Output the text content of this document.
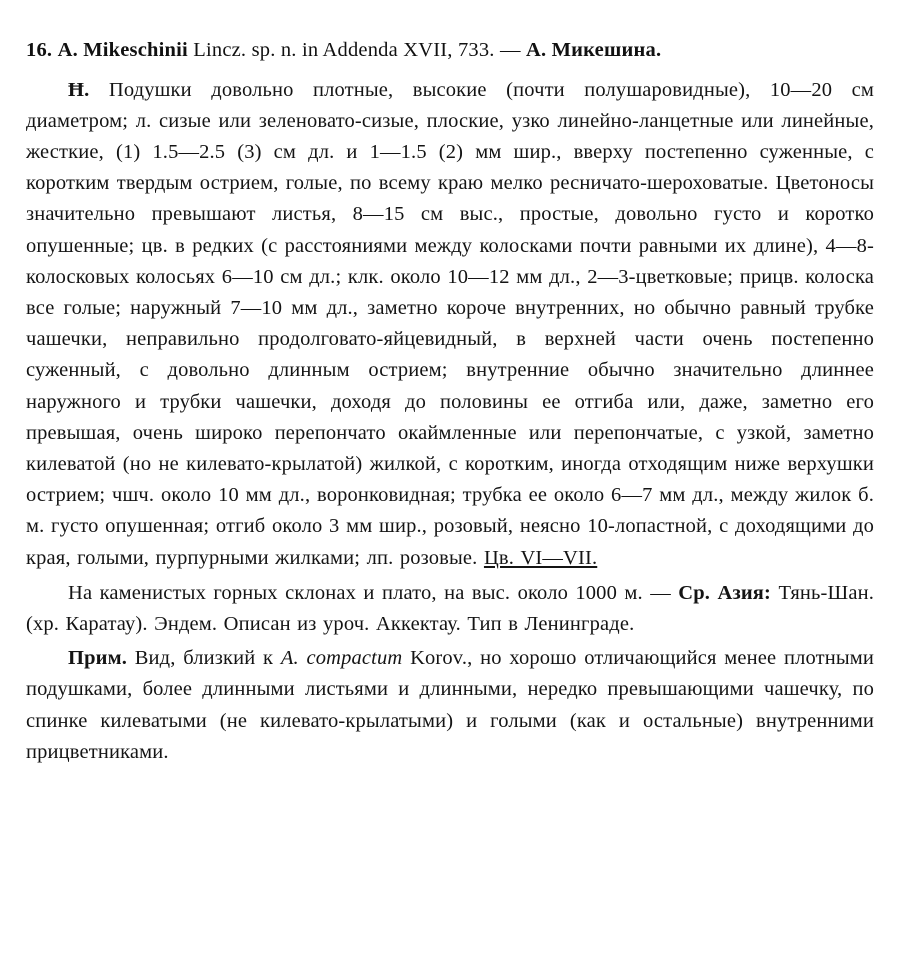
16. A. Mikeschinii Lincz. sp. n. in Addenda XVII, 733. — A. Микешина.

Ħ. Подушки довольно плотные, высокие (почти полушаровидные), 10—20 см диаметром; л. сизые или зеленовато-сизые, плоские, узко линейно-ланцетные или линейные, жесткие, (1) 1.5—2.5 (3) см дл. и 1—1.5 (2) мм шир., вверху постепенно суженные, с коротким твердым острием, голые, по всему краю мелко ресничато-шероховатые. Цветоносы значительно превышают листья, 8—15 см выс., простые, довольно густо и коротко опушенные; цв. в редких (с расстояниями между колосками почти равными их длине), 4—8-колосковых колосьях 6—10 см дл.; клк. около 10—12 мм дл., 2—3-цветковые; прицв. колоска все голые; наружный 7—10 мм дл., заметно короче внутренних, но обычно равный трубке чашечки, неправильно продолговато-яйцевидный, в верхней части очень постепенно суженный, с довольно длинным острием; внутренние обычно значительно длиннее наружного и трубки чашечки, доходя до половины ее отгиба или, даже, заметно его превышая, очень широко перепончато окаймленные или перепончатые, с узкой, заметно килеватой (но не килевато-крылатой) жилкой, с коротким, иногда отходящим ниже верхушки острием; чшч. около 10 мм дл., воронковидная; трубка ее около 6—7 мм дл., между жилок б. м. густо опушенная; отгиб около 3 мм шир., розовый, неясно 10-лопастной, с доходящими до края, голыми, пурпурными жилками; лп. розовые. Цв. VI—VII.

На каменистых горных склонах и плато, на выс. около 1000 м. — Ср. Азия: Тянь-Шан. (хр. Каратау). Эндем. Описан из уроч. Аккектау. Тип в Ленинграде.

Прим. Вид, близкий к A. compactum Korov., но хорошо отличающийся менее плотными подушками, более длинными листьями и длинными, нередко превышающими чашечку, по спинке килеватыми (не килевато-крылатыми) и голыми (как и остальные) внутренними прицветниками.
